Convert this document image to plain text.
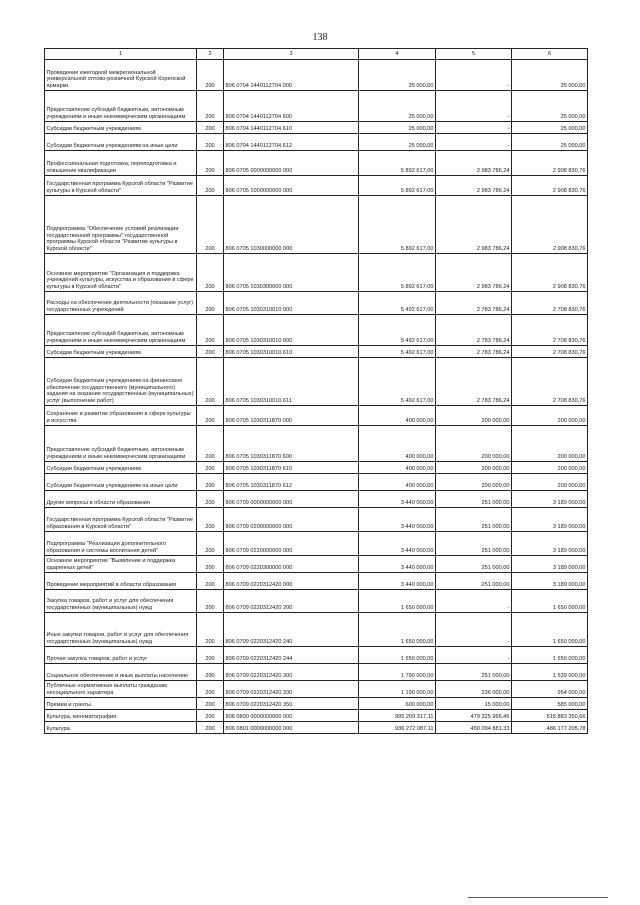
138
1	2	3	4	5	6
Проведение ежегодной межрегиональной универсальной оптово-розничной Курской Коренской ярмарки	200	806 0704 1440112704 000	25 000,00	-	25 000,00
Предоставление субсидий бюджетным, автономным учреждениям и иным некоммерческим организациям	200	806 0704 1440112704 600	25 000,00	-	25 000,00
Субсидии бюджетным учреждениям	200	806 0704 1440112704 610	25 000,00	-	25 000,00
Субсидии бюджетным учреждениям на иные цели	200	806 0704 1440112704 612	25 000,00	-	25 000,00
Профессиональная подготовка, переподготовка и повышение квалификации	200	806 0705 0000000000 000	5 892 617,00	2 983 786,24	2 908 830,76
Государственная программа Курской области "Развитие культуры в Курской области"	200	806 0705 1000000000 000	5 892 617,00	2 983 786,24	2 908 830,76
Подпрограмма "Обеспечение условий реализации государственной программы" государственной программы Курской области "Развитие культуры в Курской области"	200	806 0705 1030000000 000	5 892 617,00	2 983 786,24	2 908 830,76
Основное мероприятие "Организация и поддержка учреждений культуры, искусства и образования в сфере культуры в Курской области"	200	806 0705 1030300000 000	5 892 617,00	2 983 786,24	2 908 830,76
Расходы на обеспечение деятельности (оказание услуг) государственных учреждений	200	806 0705 1030310010 000	5 492 617,00	2 783 786,24	2 708 830,76
Предоставление субсидий бюджетным, автономным учреждениям и иным некоммерческим организациям	200	806 0705 1030310010 600	5 492 617,00	2 783 786,24	2 708 830,76
Субсидии бюджетным учреждениям	200	806 0705 1030310010 610	5 492 617,00	2 783 786,24	2 708 830,76
Субсидии бюджетным учреждениям на финансовое обеспечение государственного (муниципального) задания на оказание государственных (муниципальных) услуг (выполнение работ)	200	806 0705 1030310010 611	5 492 617,00	2 783 786,24	2 708 830,76
Сохранение и развитие образования в сфере культуры и искусства	200	806 0705 1030311870 000	400 000,00	200 000,00	200 000,00
Предоставление субсидий бюджетным, автономным учреждениям и иным некоммерческим организациям	200	806 0705 1030311870 600	400 000,00	200 000,00	200 000,00
Субсидии бюджетным учреждениям	200	806 0705 1030311870 610	400 000,00	200 000,00	200 000,00
Субсидии бюджетным учреждениям на иные цели	200	806 0705 1030311870 612	400 000,00	200 000,00	200 000,00
Другие вопросы в области образования	200	806 0709 0000000000 000	3 440 000,00	251 000,00	3 189 000,00
Государственная программа Курской области "Развитие образования в Курской области"	200	806 0709 0200000000 000	3 440 000,00	251 000,00	3 189 000,00
Подпрограмма "Реализация дополнительного образования и системы воспитания детей"	200	806 0709 0220000000 000	3 440 000,00	251 000,00	3 189 000,00
Основное мероприятие "Выявление и поддержка одаренных детей"	200	806 0709 0220300000 000	3 440 000,00	251 000,00	3 189 000,00
Проведение мероприятий в области образования	200	806 0709 0220312420 000	3 440 000,00	251 000,00	3 189 000,00
Закупка товаров, работ и услуг для обеспечения государственных (муниципальных) нужд	200	806 0709 0220312420 200	1 650 000,00	-	1 650 000,00
Иные закупки товаров, работ и услуг для обеспечения государственных (муниципальных) нужд	200	806 0709 0220312420 240	1 650 000,00	-	1 650 000,00
Прочая закупка товаров, работ и услуг	200	806 0709 0220312420 244	1 650 000,00	-	1 650 000,00
Социальное обеспечение и иные выплаты населению	200	806 0709 0220312420 300	1 790 000,00	251 000,00	1 539 000,00
Публичные нормативные выплаты гражданам несоциального характера	200	806 0709 0220312420 330	1 190 000,00	236 000,00	954 000,00
Премии и гранты	200	806 0709 0220312420 350	600 000,00	15 000,00	585 000,00
Культура, кинематография	200	806 0800 0000000000 000	995 209 317,11	479 325 966,45	515 883 350,66
Культура	200	806 0801 0000000000 000	936 272 087,11	450 094 881,33	486 177 205,78
